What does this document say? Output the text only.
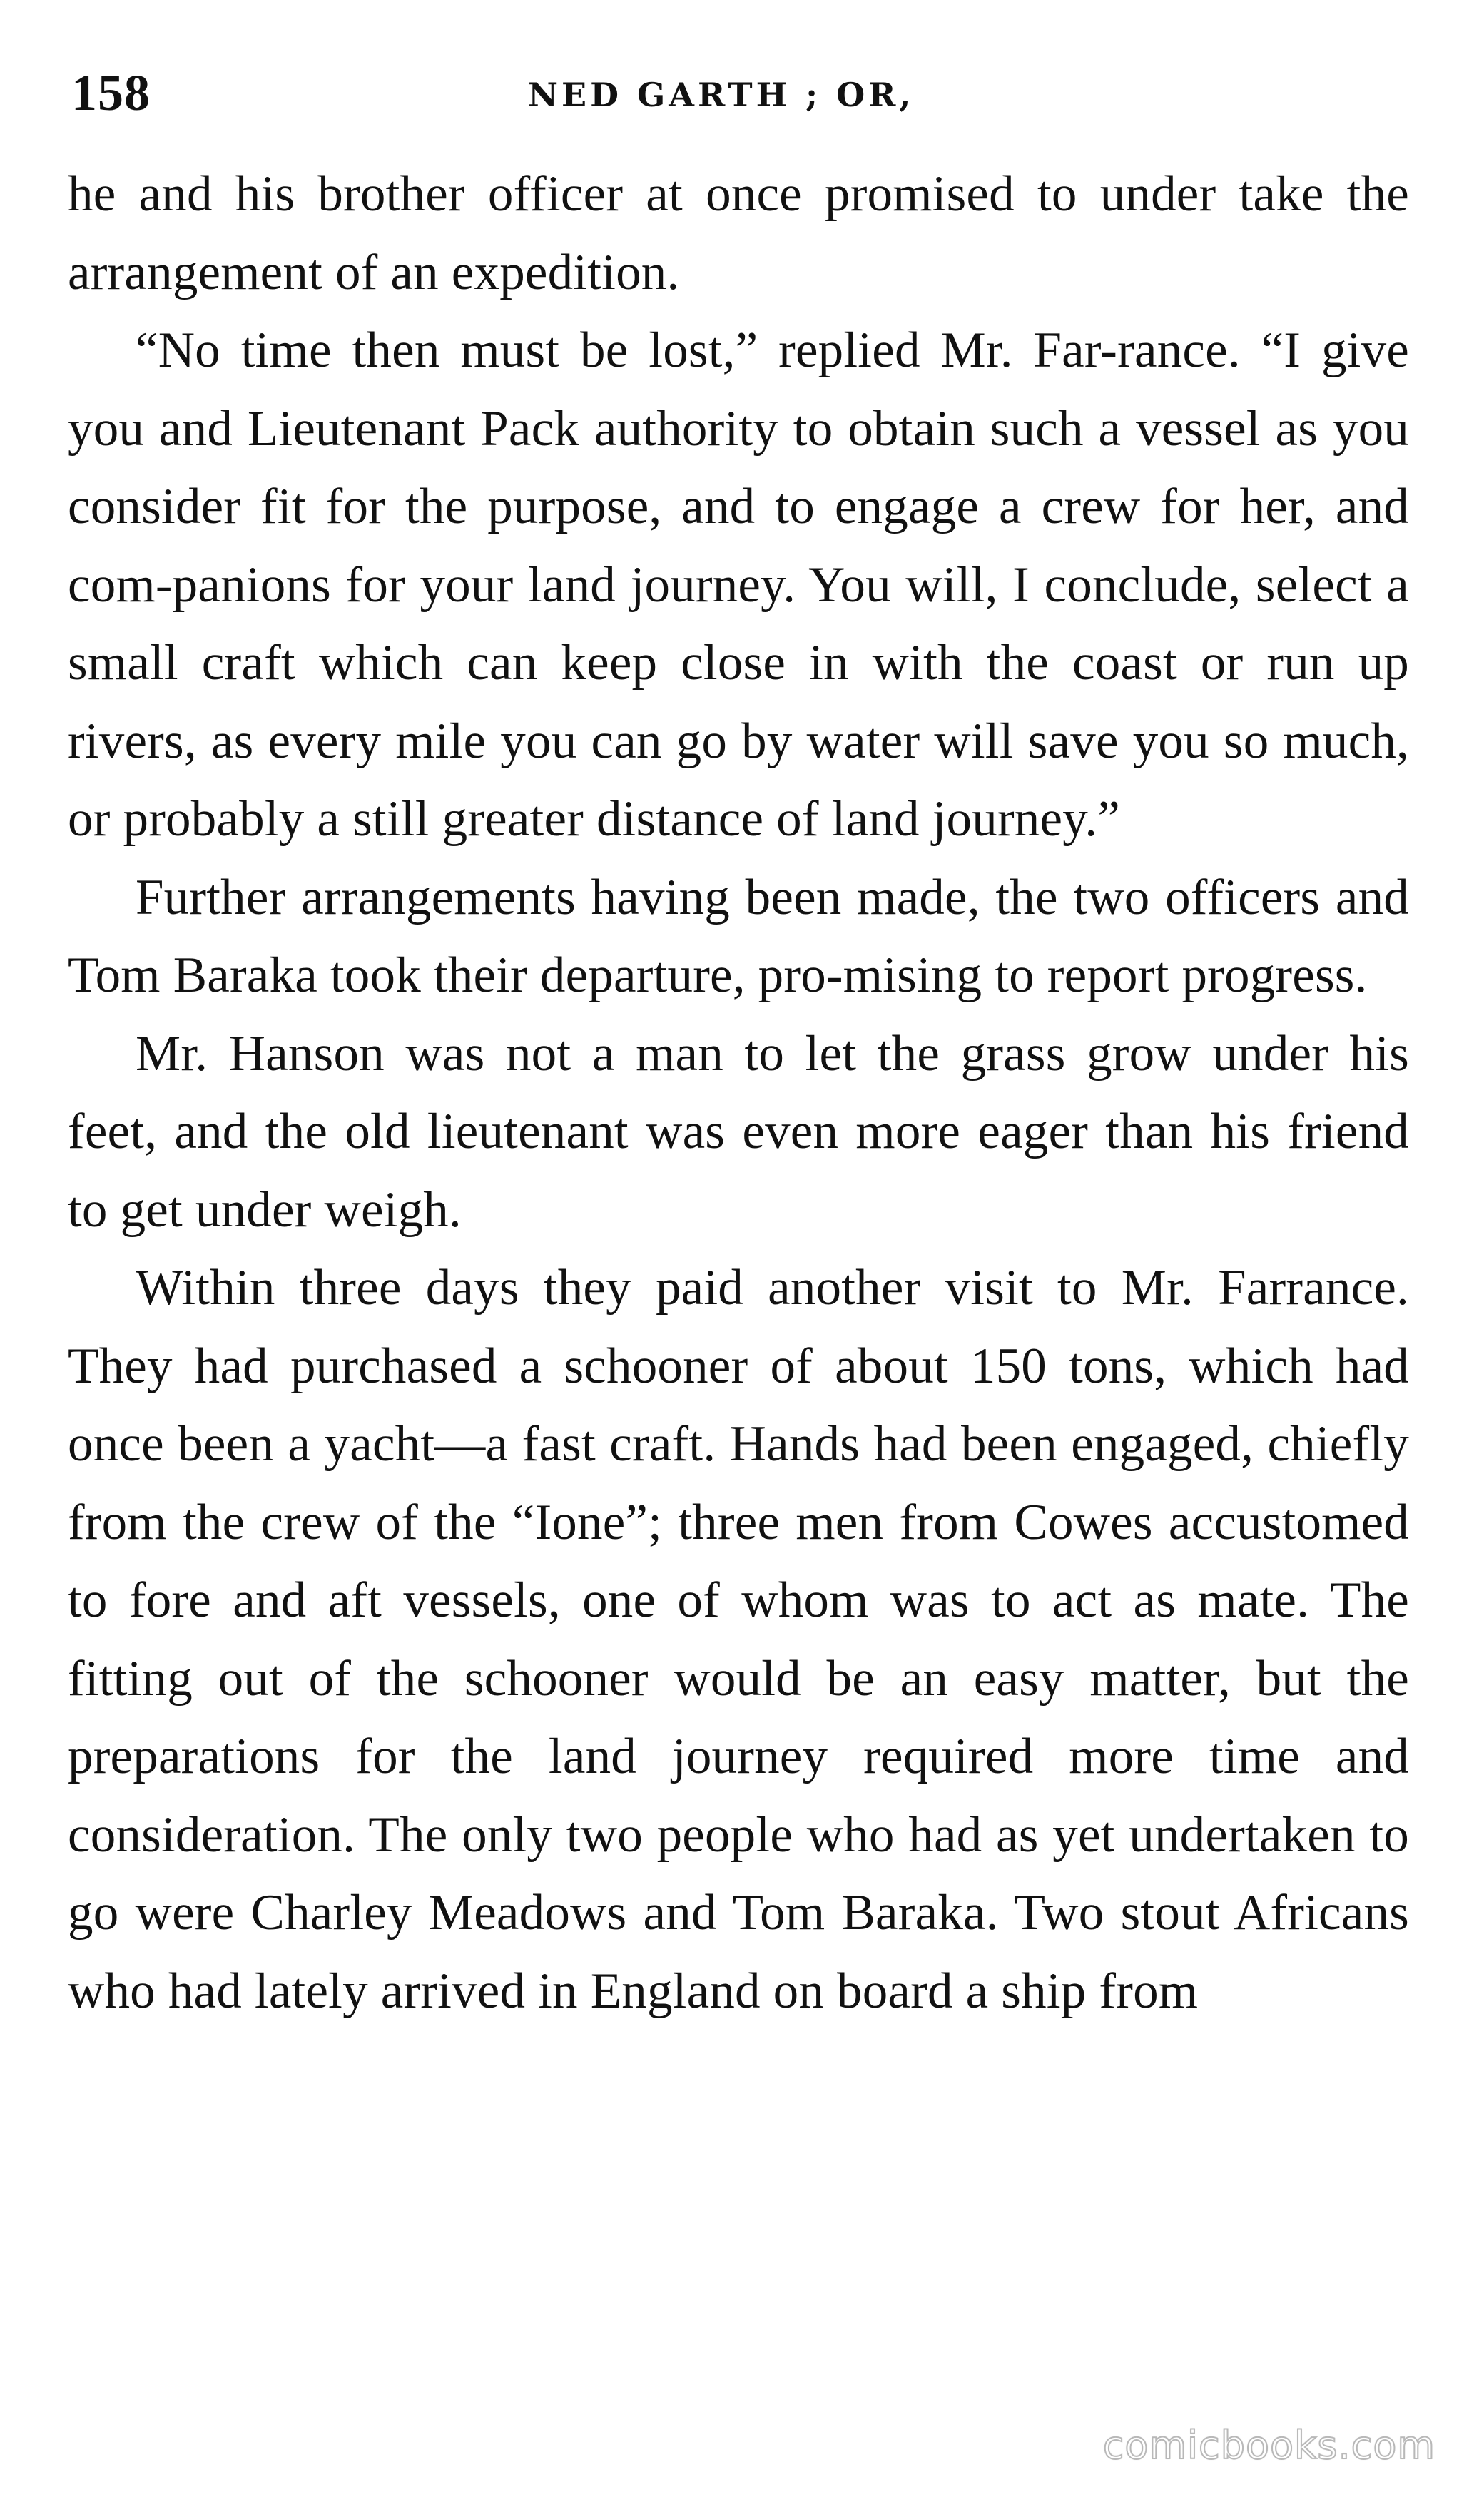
158	NED GARTH ; OR,

he and his brother officer at once promised to under take the arrangement of an expedition.

“No time then must be lost,” replied Mr. Far-rance. “I give you and Lieutenant Pack authority to obtain such a vessel as you consider fit for the purpose, and to engage a crew for her, and com-panions for your land journey. You will, I conclude, select a small craft which can keep close in with the coast or run up rivers, as every mile you can go by water will save you so much, or probably a still greater distance of land journey.”

Further arrangements having been made, the two officers and Tom Baraka took their departure, pro-mising to report progress.

Mr. Hanson was not a man to let the grass grow under his feet, and the old lieutenant was even more eager than his friend to get under weigh.

Within three days they paid another visit to Mr. Farrance. They had purchased a schooner of about 150 tons, which had once been a yacht—a fast craft. Hands had been engaged, chiefly from the crew of the “Ione”; three men from Cowes accustomed to fore and aft vessels, one of whom was to act as mate. The fitting out of the schooner would be an easy matter, but the preparations for the land journey required more time and consideration. The only two people who had as yet undertaken to go were Charley Meadows and Tom Baraka. Two stout Africans who had lately arrived in England on board a ship from

comicbooks.com
